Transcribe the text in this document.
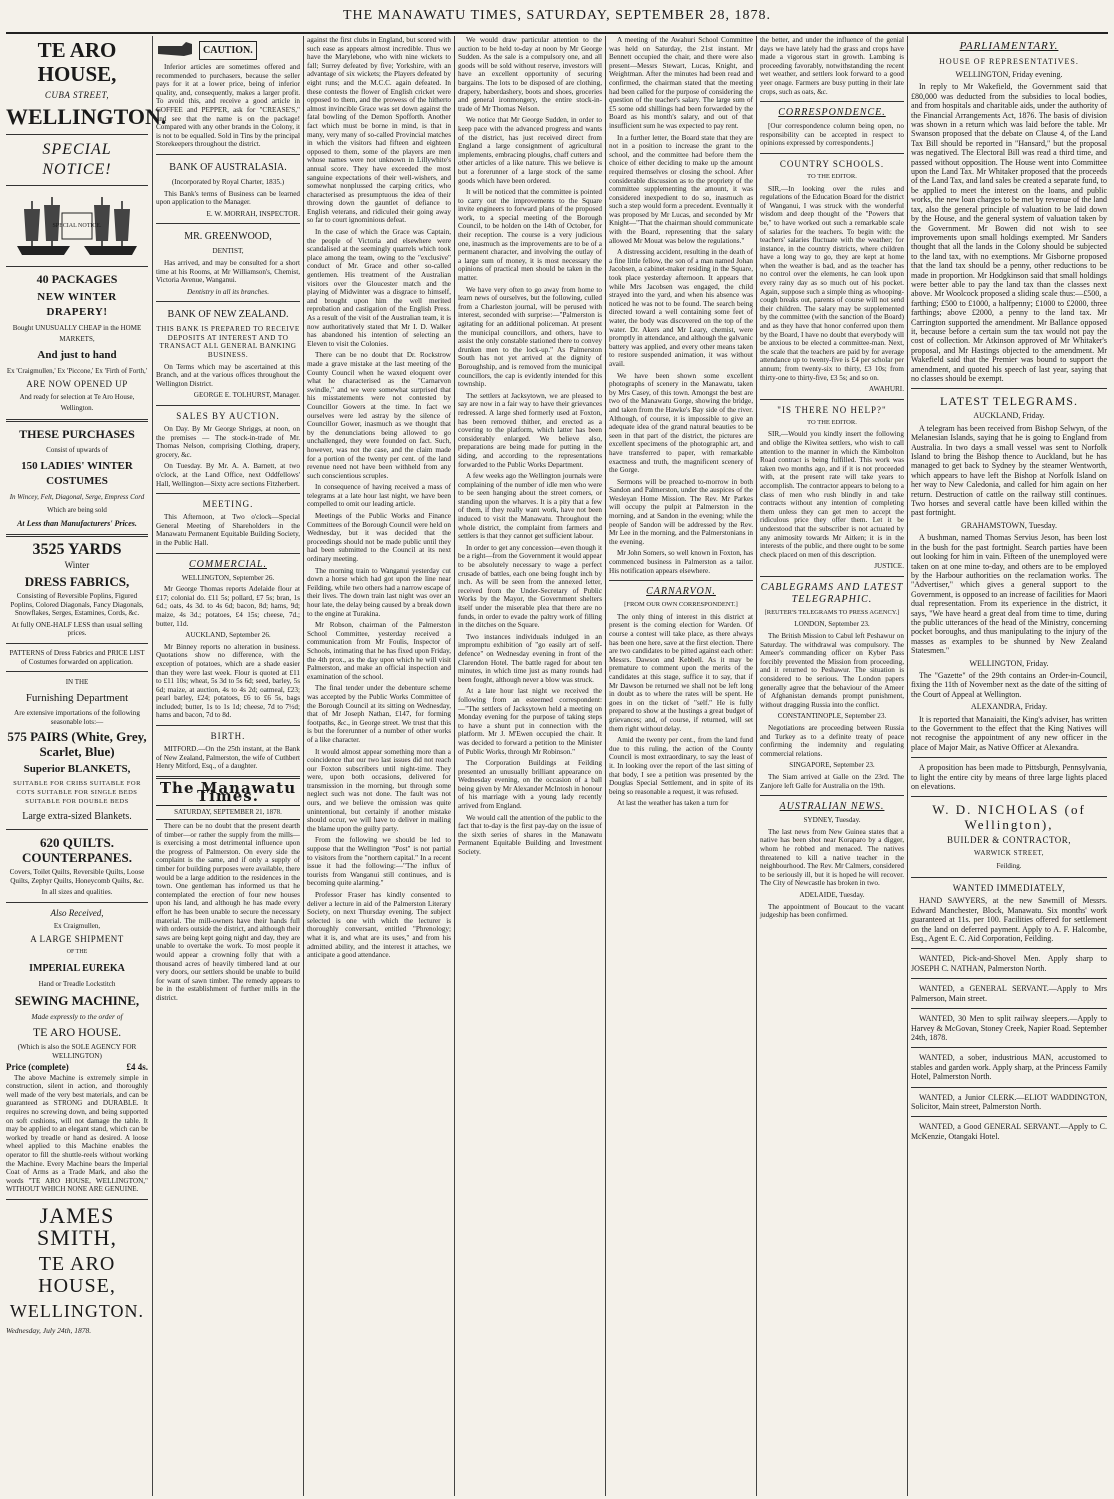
THE MANAWATU TIMES, SATURDAY, SEPTEMBER 28, 1878.
TE ARO HOUSE,
CUBA STREET,
WELLINGTON.
SPECIAL NOTICE!
SPECIAL NOTICE.
40 PACKAGES
NEW WINTER DRAPERY!
Bought UNUSUALLY CHEAP in the HOME MARKETS,
And just to hand
Ex 'Craigmullen,' Ex 'Piccone,' Ex 'Firth of Forth,'
ARE NOW OPENED UP
And ready for selection at Te Aro House, Wellington.
THESE PURCHASES
Consist of upwards of
150 LADIES' WINTER COSTUMES
In Wincey, Felt, Diagonal, Serge, Empress Cord
Which are being sold
At Less than Manufacturers' Prices.
3525 YARDS
Winter
DRESS FABRICS,

Consisting of Reversible Poplins, Figured Poplins, Colored Diagonals, Fancy Diagonals, Snowflakes, Serges, Estamines, Cords, &c.

At fully ONE-HALF LESS than usual selling prices.

PATTERNS of Dress Fabrics and PRICE LIST of Costumes forwarded on application.

IN THE
Furnishing Department

Are extensive importations of the following seasonable lots:—

575 PAIRS (White, Grey, Scarlet, Blue)
Superior BLANKETS,

SUITABLE FOR CRIBS SUITABLE FOR COTS SUITABLE FOR SINGLE BEDS SUITABLE FOR DOUBLE BEDS

Large extra-sized Blankets.
620 QUILTS. COUNTERPANES.

Covers, Toilet Quilts, Reversible Quilts, Loose Quilts, Zephyr Quilts, Honeycomb Quilts, &c.

In all sizes and qualities.

Also Received,
Ex Craigmullen,
A LARGE SHIPMENT
OF THE
IMPERIAL EUREKA
Hand or Treadle Lockstitch
SEWING MACHINE,
Made expressly to the order of
TE ARO HOUSE.

(Which is also the SOLE AGENCY FOR WELLINGTON)

Price (complete)	£4 4s.

The above Machine is extremely simple in construction, silent in action, and thoroughly well made of the very best materials, and can be guaranteed as STRONG and DURABLE. It requires no screwing down, and being supported on soft cushions, will not damage the table. It may be applied to an elegant stand, which can be worked by treadle or hand as desired. A loose wheel applied to this Machine enables the operator to fill the shuttle-reels without working the Machine. Every Machine bears the Imperial Coat of Arms as a Trade Mark, and also the words "TE ARO HOUSE, WELLINGTON," WITHOUT WHICH NONE ARE GENUINE.

JAMES SMITH,
TE ARO HOUSE,
WELLINGTON.
Wednesday, July 24th, 1878.
CAUTION.

Inferior articles are sometimes offered and recommended to purchasers, because the seller pays for it at a lower price, being of inferior quality, and, consequently, makes a larger profit. To avoid this, and receive a good article in COFFEE and PEPPER, ask for "CREASE'S," and see that the name is on the package! Compared with any other brands in the Colony, it is not to be equalled. Sold in Tins by the principal Storekeepers throughout the district.

BANK OF AUSTRALASIA.

(Incorporated by Royal Charter, 1835.)

This Bank's terms of Business can be learned upon application to the Manager.

E. W. MORRAH, INSPECTOR.

MR. GREENWOOD,

DENTIST,

Has arrived, and may be consulted for a short time at his Rooms, at Mr Williamson's, Chemist, Victoria Avenue, Wanganui.

Dentistry in all its branches.

BANK OF NEW ZEALAND.

THIS BANK IS PREPARED TO RECEIVE DEPOSITS AT INTEREST AND TO TRANSACT ALL GENERAL BANKING BUSINESS.

On Terms which may be ascertained at this Branch, and at the various offices throughout the Wellington District.

GEORGE E. TOLHURST, Manager.

SALES BY AUCTION.

On Day. By Mr George Shriggs, at noon, on the premises — The stock-in-trade of Mr. Thomas Nelson, comprising Clothing, drapery, grocery, &c.

On Tuesday. By Mr. A. A. Barnett, at two o'clock, at the Land Office, next Oddfellows' Hall, Wellington—Sixty acre sections Fitzherbert.

MEETING.

This Afternoon, at Two o'clock—Special General Meeting of Shareholders in the Manawatu Permanent Equitable Building Society, in the Public Hall.

COMMERCIAL.

WELLINGTON, September 26.

Mr George Thomas reports Adelaide flour at £17; colonial do. £11 5s; pollard, £7 5s; bran, 1s 6d.; oats, 4s 3d. to 4s 6d; bacon, 8d; hams, 9d; maize, 4s 3d.; potatoes, £4 15s; cheese, 7d.; butter, 11d.

AUCKLAND, September 26.

Mr Binney reports no alteration in business. Quotations show no difference, with the exception of potatoes, which are a shade easier than they were last week. Flour is quoted at £11 to £11 10s; wheat, 5s 3d to 5s 6d; seed, barley, 5s 6d; maize, at auction, 4s to 4s 2d; oatmeal, £23; pearl barley, £24; potatoes, £6 to £6 5s, bags included; butter, 1s to 1s 1d; cheese, 7d to 7½d; hams and bacon, 7d to 8d.

BIRTH.

MITFORD.—On the 25th instant, at the Bank of New Zealand, Palmerston, the wife of Cuthbert Henry Mitford, Esq., of a daughter.

The Manawatu Times.
SATURDAY, SEPTEMBER 21, 1878.

There can be no doubt that the present dearth of timber—or rather the supply from the mills—is exercising a most detrimental influence upon the progress of Palmerston. On every side the complaint is the same, and if only a supply of timber for building purposes were available, there would be a large addition to the residences in the town. One gentleman has informed us that he contemplated the erection of four new houses upon his land, and although he has made every effort he has been unable to secure the necessary material. The mill-owners have their hands full with orders outside the district, and although their saws are being kept going night and day, they are unable to overtake the work. To most people it would appear a crowning folly that with a thousand acres of heavily timbered land at our very doors, our settlers should be unable to build for want of sawn timber. The remedy appears to be in the establishment of further mills in the district.

against the first clubs in England, but scored with such ease as appears almost incredible. Thus we have the Marylebone, who with nine wickets to fall; Surrey defeated by five; Yorkshire, with an advantage of six wickets; the Players defeated by eight runs; and the M.C.C. again defeated. In these contests the flower of English cricket were opposed to them, and the prowess of the hitherto almost invincible Grace was set down against the fatal bowling of the Demon Spofforth. Another fact which must be borne in mind, is that in many, very many of so-called Provincial matches in which the visitors had fifteen and eighteen opposed to them, some of the players are men whose names were not unknown in Lillywhite's annual score. They have exceeded the most sanguine expectations of their well-wishers, and somewhat nonplussed the carping critics, who characterised as presumptuous the idea of their throwing down the gauntlet of defiance to English veterans, and ridiculed their going away so far to court ignominious defeat.

In the case of which the Grace was Captain, the people of Victoria and elsewhere were scandalised at the seemingly quarrels which took place among the team, owing to the "exclusive" conduct of Mr. Grace and other so-called gentlemen. His treatment of the Australian visitors over the Gloucester match and the playing of Midwinter was a disgrace to himself, and brought upon him the well merited reprobation and castigation of the English Press. As a result of the visit of the Australian team, it is now authoritatively stated that Mr I. D. Walker has abandoned his intention of selecting an Eleven to visit the Colonies.

There can be no doubt that Dr. Rockstrow made a grave mistake at the last meeting of the County Council when he waxed eloquent over what he characterised as the "Carnarvon swindle," and we were somewhat surprised that his misstatements were not contested by Councillor Gowers at the time. In fact we ourselves were led astray by the silence of Councillor Gower, inasmuch as we thought that by the denunciations being allowed to go unchallenged, they were founded on fact. Such, however, was not the case, and the claim made for a portion of the twenty per cent. of the land revenue need not have been withheld from any such conscientious scruples.

In consequence of having received a mass of telegrams at a late hour last night, we have been compelled to omit our leading article.

Meetings of the Public Works and Finance Committees of the Borough Council were held on Wednesday, but it was decided that the proceedings should not be made public until they had been submitted to the Council at its next ordinary meeting.

The morning train to Wanganui yesterday cut down a horse which had got upon the line near Feilding, while two others had a narrow escape of their lives. The down train last night was over an hour late, the delay being caused by a break down to the engine at Turakina.

Mr Robson, chairman of the Palmerston School Committee, yesterday received a communication from Mr Foulis, Inspector of Schools, intimating that he has fixed upon Friday, the 4th prox., as the day upon which he will visit Palmerston, and make an official inspection and examination of the school.

The final tender under the debenture scheme was accepted by the Public Works Committee of the Borough Council at its sitting on Wednesday, that of Mr Joseph Nathan, £147, for forming footpaths, &c., in George street. We trust that this is but the forerunner of a number of other works of a like character.

It would almost appear something more than a coincidence that our two last issues did not reach our Foxton subscribers until night-time. They were, upon both occasions, delivered for transmission in the morning, but through some neglect such was not done. The fault was not ours, and we believe the omission was quite unintentional, but certainly if another mistake should occur, we will have to deliver in mailing the blame upon the guilty party.

From the following we should be led to suppose that the Wellington "Post" is not partial to visitors from the "northern capital." In a recent issue it had the following:—"The influx of tourists from Wanganui still continues, and is becoming quite alarming."

Professor Fraser has kindly consented to deliver a lecture in aid of the Palmerston Literary Society, on next Thursday evening. The subject selected is one with which the lecturer is thoroughly conversant, entitled "Phrenology; what it is, and what are its uses," and from his admitted ability, and the interest it attaches, we anticipate a good attendance.

We would draw particular attention to the auction to be held to-day at noon by Mr George Sudden. As the sale is a compulsory one, and all goods will be sold without reserve, investors will have an excellent opportunity of securing bargains. The lots to be disposed of are clothing, drapery, haberdashery, boots and shoes, groceries and general ironmongery, the entire stock-in-trade of Mr Thomas Nelson.

We notice that Mr George Sudden, in order to keep pace with the advanced progress and wants of the district, has just received direct from England a large consignment of agricultural implements, embracing ploughs, chaff cutters and other articles of a like nature. This we believe is but a forerunner of a large stock of the same goods which have been ordered.

It will be noticed that the committee is pointed to carry out the improvements to the Square invite engineers to forward plans of the proposed work, to a special meeting of the Borough Council, to be holden on the 14th of October, for their reception. The course is a very judicious one, inasmuch as the improvements are to be of a permanent character, and involving the outlay of a large sum of money, it is most necessary the opinions of practical men should be taken in the matter.

We have very often to go away from home to learn news of ourselves, but the following, culled from a Charleston journal, will be perused with interest, seconded with surprise:—"Palmerston is agitating for an additional policeman. At present the municipal councillors, and others, have to assist the only constable stationed there to convey drunken men to the lock-up." As Palmerston South has not yet arrived at the dignity of Boroughship, and is removed from the municipal councillors, the cap is evidently intended for this township.

The settlers at Jacksytown, we are pleased to say are now in a fair way to have their grievances redressed. A large shed formerly used at Foxton, has been removed thither, and erected as a covering to the platform, which latter has been considerably enlarged. We believe also, preparations are being made for putting in the siding, and according to the representations forwarded to the Public Works Department.

A few weeks ago the Wellington journals were complaining of the number of idle men who were to be seen hanging about the street corners, or standing upon the wharves. It is a pity that a few of them, if they really want work, have not been induced to visit the Manawatu. Throughout the whole district, the complaint from farmers and settlers is that they cannot get sufficient labour.

In order to get any concession—even though it be a right—from the Government it would appear to be absolutely necessary to wage a perfect crusade of battles, each one being fought inch by inch. As will be seen from the annexed letter, received from the Under-Secretary of Public Works by the Mayor, the Government shelters itself under the miserable plea that there are no funds, in order to evade the paltry work of filling in the ditches on the Square.

Two instances individuals indulged in an impromptu exhibition of "go easily art of self-defence" on Wednesday evening in front of the Clarendon Hotel. The battle raged for about ten minutes, in which time just as many rounds had been fought, although never a blow was struck.

At a late hour last night we received the following from an esteemed correspondent:—"The settlers of Jacksytown held a meeting on Monday evening for the purpose of taking steps to have a shunt put in connection with the platform. Mr J. M'Ewen occupied the chair. It was decided to forward a petition to the Minister of Public Works, through Mr Robinson."

The Corporation Buildings at Feilding presented an unusually brilliant appearance on Wednesday evening, on the occasion of a ball being given by Mr Alexander McIntosh in honour of his marriage with a young lady recently arrived from England.

We would call the attention of the public to the fact that to-day is the first pay-day on the issue of the sixth series of shares in the Manawatu Permanent Equitable Building and Investment Society.

A meeting of the Awahuri School Committee was held on Saturday, the 21st instant. Mr Bennett occupied the chair, and there were also present—Messrs Stewart, Lucas, Knight, and Weightman. After the minutes had been read and confirmed, the chairman stated that the meeting had been called for the purpose of considering the question of the teacher's salary. The large sum of £5 some odd shillings had been forwarded by the Board as his month's salary, and out of that insufficient sum he was expected to pay rent.

In a further letter, the Board state that they are not in a position to increase the grant to the school, and the committee had before them the choice of either deciding to make up the amount required themselves or closing the school. After considerable discussion as to the propriety of the committee supplementing the amount, it was considered inexpedient to do so, inasmuch as such a step would form a precedent. Eventually it was proposed by Mr Lucas, and seconded by Mr Knight—"That the chairman should communicate with the Board, representing that the salary allowed Mr Mouat was below the regulations."

A distressing accident, resulting in the death of a fine little fellow, the son of a man named Johan Jacobsen, a cabinet-maker residing in the Square, took place yesterday afternoon. It appears that while Mrs Jacobsen was engaged, the child strayed into the yard, and when his absence was noticed he was not to be found. The search being directed toward a well containing some feet of water, the body was discovered on the top of the water. Dr. Akers and Mr Leary, chemist, were promptly in attendance, and although the galvanic battery was applied, and every other means taken to restore suspended animation, it was without avail.

We have been shown some excellent photographs of scenery in the Manawatu, taken by Mrs Casey, of this town. Amongst the best are two of the Manawatu Gorge, showing the bridge, and taken from the Hawke's Bay side of the river. Although, of course, it is impossible to give an adequate idea of the grand natural beauties to be seen in that part of the district, the pictures are excellent specimens of the photographic art, and have transferred to paper, with remarkable exactness and truth, the magnificent scenery of the Gorge.

Sermons will be preached to-morrow in both Sandon and Palmerston, under the auspices of the Wesleyan Home Mission. The Rev. Mr Parkes will occupy the pulpit at Palmerston in the morning, and at Sandon in the evening; while the people of Sandon will be addressed by the Rev. Mr Lee in the morning, and the Palmerstonians in the evening.

Mr John Somers, so well known in Foxton, has commenced business in Palmerston as a tailor. His notification appears elsewhere.

CARNARVON.

[FROM OUR OWN CORRESPONDENT.]

The only thing of interest in this district at present is the coming election for Warden. Of course a contest will take place, as there always has been one here, save at the first election. There are two candidates to be pitted against each other: Messrs. Dawson and Kebbell. As it may be premature to comment upon the merits of the candidates at this stage, suffice it to say, that if Mr Dawson be returned we shall not be left long in doubt as to where the rates will be spent. He goes in on the ticket of "self." He is fully prepared to show at the hustings a great budget of grievances; and, of course, if returned, will set them right without delay.

Amid the twenty per cent., from the land fund due to this ruling, the action of the County Council is most extraordinary, to say the least of it. In looking over the report of the last sitting of that body, I see a petition was presented by the Douglas Special Settlement, and in spite of its being so reasonable a request, it was refused.

At last the weather has taken a turn for

the better, and under the influence of the genial days we have lately had the grass and crops have made a vigorous start in growth. Lambing is proceeding favorably, notwithstanding the recent wet weather, and settlers look forward to a good yeer onage. Farmers are busy putting in their late crops, such as oats, &c.

CORRESPONDENCE.

[Our correspondence column being open, no responsibility can be accepted in respect to opinions expressed by correspondents.]

COUNTRY SCHOOLS.

TO THE EDITOR.

SIR,—In looking over the rules and regulations of the Education Board for the district of Wanganui, I was struck with the wonderful wisdom and deep thought of the "Powers that be," to have worked out such a remarkable scale of salaries for the teachers. To begin with: the teachers' salaries fluctuate with the weather; for instance, in the country districts, where children have a long way to go, they are kept at home when the weather is bad, and as the teacher has no control over the elements, he can look upon every rainy day as so much out of his pocket. Again, suppose such a simple thing as whooping-cough breaks out, parents of course will not send their children. The salary may be supplemented by the committee (with the sanction of the Board) and as they have that honor conferred upon them by the Board, I have no doubt that everybody will be anxious to be elected a committee-man. Next, the scale that the teachers are paid by for average attendance up to twenty-five is £4 per scholar per annum; from twenty-six to thirty, £3 10s; from thirty-one to thirty-five, £3 5s; and so on.

AWAHURI.

"IS THERE NO HELP?"

TO THE EDITOR.

SIR,—Would you kindly insert the following and oblige the Kiwitea settlers, who wish to call attention to the manner in which the Kimbolton Road contract is being fulfilled. This work was taken two months ago, and if it is not proceeded with, at the present rate will take years to accomplish. The contractor appears to belong to a class of men who rush blindly in and take contracts without any intention of completing them unless they can get men to accept the ridiculous price they offer them. Let it be understood that the subscriber is not actuated by any animosity towards Mr Aitken; it is in the interests of the public, and there ought to be some check placed on men of this description.

JUSTICE.

CABLEGRAMS AND LATEST TELEGRAPHIC.

[REUTER'S TELEGRAMS TO PRESS AGENCY.]

LONDON, September 23.

The British Mission to Cabul left Peshawur on Saturday. The withdrawal was compulsory. The Ameer's commanding officer on Kyber Pass forcibly prevented the Mission from proceeding, and it returned to Peshawur. The situation is considered to be serious. The London papers generally agree that the behaviour of the Ameer of Afghanistan demands prompt punishment, without dragging Russia into the conflict.

CONSTANTINOPLE, September 23.

Negotiations are proceeding between Russia and Turkey as to a definite treaty of peace confirming the indemnity and regulating commercial relations.

SINGAPORE, September 23.

The Siam arrived at Galle on the 23rd. The Zanjore left Galle for Australia on the 19th.

AUSTRALIAN NEWS.

SYDNEY, Tuesday.

The last news from New Guinea states that a native has been shot near Koraparo by a digger, whom he robbed and menaced. The natives threatened to kill a native teacher in the neighbourhood. The Rev. Mr Calmers, considered to be seriously ill, but it is hoped he will recover. The City of Newcastle has broken in two.

ADELAIDE, Tuesday.

The appointment of Boucaut to the vacant judgeship has been confirmed.

PARLIAMENTARY.
HOUSE OF REPRESENTATIVES.

WELLINGTON, Friday evening.

In reply to Mr Wakefield, the Government said that £80,000 was deducted from the subsidies to local bodies, and from hospitals and charitable aids, under the authority of the Financial Arrangements Act, 1876. The basis of division was shown in a return which was laid before the table. Mr Swanson proposed that the debate on Clause 4, of the Land Tax Bill should be reported in "Hansard," but the proposal was negatived. The Electoral Bill was read a third time, and passed without opposition. The House went into Committee upon the Land Tax. Mr Whitaker proposed that the proceeds of the Land Tax, and land sales be created a separate fund, to be applied to meet the interest on the loans, and public works, the new loan charges to be met by revenue of the land tax, also the general principle of valuation to be laid down by the House, and the general system of valuation taken by the Government. Mr Bowen did not wish to see improvements upon small holdings exempted. Mr Sanders thought that all the lands in the Colony should be subjected to the land tax, with no exemptions. Mr Gisborne proposed that the land tax should be a penny, other reductions to be made in proportion. Mr Hodgkinson said that small holdings were better able to pay the land tax than the classes next above. Mr Woolcock proposed a sliding scale thus:—£500, a farthing; £500 to £1000, a halfpenny; £1000 to £2000, three farthings; above £2000, a penny to the land tax. Mr Carrington supported the amendment. Mr Ballance opposed it, because before a certain sum the tax would not pay the cost of collection. Mr Atkinson approved of Mr Whitaker's proposal, and Mr Hastings objected to the amendment. Mr Wakefield said that the Premier was bound to support the amendment, and quoted his speech of last year, saying that no classes should be exempt.

LATEST TELEGRAMS.

AUCKLAND, Friday.

A telegram has been received from Bishop Selwyn, of the Melanesian Islands, saying that he is going to England from Australia. In two days a small vessel was sent to Norfolk Island to bring the Bishop thence to Auckland, but he has managed to get back to Sydney by the steamer Wentworth, which appears to have left the Bishop at Norfolk Island on her way to New Caledonia, and called for him again on her return. Destruction of cattle on the railway still continues. Two horses and several cattle have been killed within the past fortnight.

GRAHAMSTOWN, Tuesday.

A bushman, named Thomas Servius Jeson, has been lost in the bush for the past fortnight. Search parties have been out looking for him in vain. Fifteen of the unemployed were taken on at one mine to-day, and others are to be employed by the Harbour authorities on the reclamation works. The "Advertiser," which gives a general support to the Government, is opposed to an increase of facilities for Maori dual representation. From its experience in the district, it says, "We have heard a great deal from time to time, during the public utterances of the head of the Ministry, concerning pocket boroughs, and thus manipulating to the injury of the masses as examples to be shunned by New Zealand Statesmen."

WELLINGTON, Friday.

The "Gazette" of the 29th contains an Order-in-Council, fixing the 11th of November next as the date of the sitting of the Court of Appeal at Wellington.

ALEXANDRA, Friday.

It is reported that Manaiaiti, the King's adviser, has written to the Government to the effect that the King Natives will not recognise the appointment of any new officer in the place of Major Mair, as Native Officer at Alexandra.

A proposition has been made to Pittsburgh, Pennsylvania, to light the entire city by means of three large lights placed on elevations.

W. D. NICHOLAS (of Wellington),
BUILDER & CONTRACTOR,
WARWICK STREET,
Feilding.
WANTED IMMEDIATELY,

HAND SAWYERS, at the new Sawmill of Messrs. Edward Manchester, Block, Manawatu. Six months' work guaranteed at 11s. per 100. Facilities offered for settlement on the land on deferred payment. Apply to A. F. Halcombe, Esq., Agent E. C. Aid Corporation, Feilding.

WANTED, Pick-and-Shovel Men. Apply sharp to JOSEPH C. NATHAN, Palmerston North.

WANTED, a GENERAL SERVANT.—Apply to Mrs Palmerson, Main street.

WANTED, 30 Men to split railway sleepers.—Apply to Harvey & McGovan, Stoney Creek, Napier Road. September 24th, 1878.

WANTED, a sober, industrious MAN, accustomed to stables and garden work. Apply sharp, at the Princess Family Hotel, Palmerston North.

WANTED, a Junior CLERK.—ELIOT WADDINGTON, Solicitor, Main street, Palmerston North.

WANTED, a Good GENERAL SERVANT.—Apply to C. McKenzie, Otangaki Hotel.
